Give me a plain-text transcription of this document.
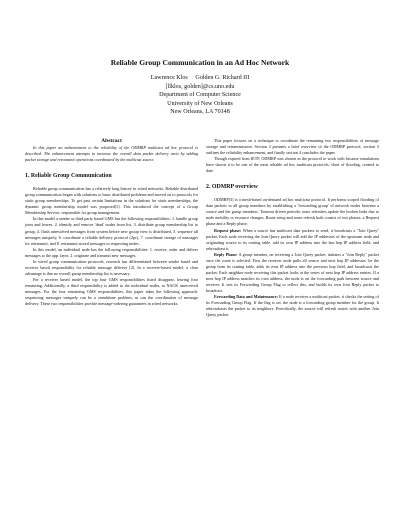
Reliable Group Communication in an Ad Hoc Network
Lawrence Klos     Golden G. Richard III
[llklos, golden]@cs.uno.edu
Department of Computer Science
University of New Orleans
New Orleans, LA 70148
Abstract

In this paper an enhancement to the reliability of the ODMRP multicast ad hoc protocol is described. The enhancement attempts to increase the overall data packet delivery ratio by adding packet storage and retransmit operations coordinated by the multicast source.

1. Reliable Group Communication

Reliable group communication has a relatively long history in wired networks. Reliable distributed group communication began with solutions to basic distributed problems and moved on to protocols for static group memberships. To get past certain limitations in the solutions for static memberships, the dynamic group membership model was proposed[1]. This introduced the concept of a Group Membership Service, responsible for group management.

In this model a sender or third party based GMS has the following responsibilities: 1. handle group joins and leaves, 2. identify and remove 'dead' nodes from list, 3. distribute group membership list to group, 4. flush unresolved messages from system before new group view is distributed, 5. sequence all messages uniquely, 6. coordinate a reliable delivery protocol (2pc), 7. coordinate storage of messages for retransmit, and 8. retransmit stored messages to requesting nodes.

In this model, an individual node has the following responsibilities: 1. receive, order and deliver messages to the app. layer, 2. originate and transmit new messages.

In wired group communication protocols, research has differentiated between sender based and receiver based responsibility for reliable message delivery [2]. In a receiver-based model, a clear advantage is that no overall group membership list is necessary.

For a receiver based model, the top four GMS responsibilities listed disappear, leaving four remaining. Additionally, a third responsibility is added to the individual nodes, to NACK unreceived messages. For the four remaining GMS responsibilities, this paper takes the following approach: sequencing messages uniquely can be a standalone problem, as can the coordination of message delivery. These two responsibilities provide message-ordering guarantees in wired networks.

This paper focuses on a technique to coordinate the remaining two responsibilities of message storage and retransmission. Section 2 presents a brief overview of the ODMRP protocol, section 3 outlines the reliability enhancement, and finally section 4 concludes the paper.

Though expired from IETF, ODMRP was chosen as the protocol to work with because simulations have shown it to be one of the most reliable ad hoc multicast protocols, short of flooding, created to date.

2. ODMRP overview

ODMRP[3] is a mesh-based on-demand ad hoc multicast protocol. It performs scoped flooding of data packets to all group members by establishing a 'forwarding group' of network nodes between a source and the group members. Timeout driven periodic route refreshes update the broken links due to node mobility or resource changes. Route setup and route refresh both consist of two phases: a Request phase and a Reply phase.

Request phase: When a source has multicast data packets to send, it broadcasts a "Join Query" packet. Each node receiving the Join Query packet will add the IP addresses of the upstream node and originating source to its routing table, add its own IP address into the last hop IP address field, and rebroadcast it.

Reply Phase: A group member, on receiving a Join Query packet, initiates a "Join Reply" packet once the route is selected. First the receiver node pulls all source and next hop IP addresses for the group from its routing table, adds its own IP address into the previous hop field, and broadcasts the packet. Each neighbor node receiving this packet looks at the series of next hop IP address entries. If a next hop IP address matches its own address, the node is on the forwarding path between source and receiver. It sets its Forwarding Group Flag to reflect this, and builds its own Join Reply packet to broadcast.

Forwarding Data and Maintenance: If a node receives a multicast packet, it checks the setting of its Forwarding Group Flag. If the flag is set, the node is a forwarding group member for the group. It rebroadcasts the packet to its neighbors. Periodically, the source will refresh routes with another Join Query packet.
